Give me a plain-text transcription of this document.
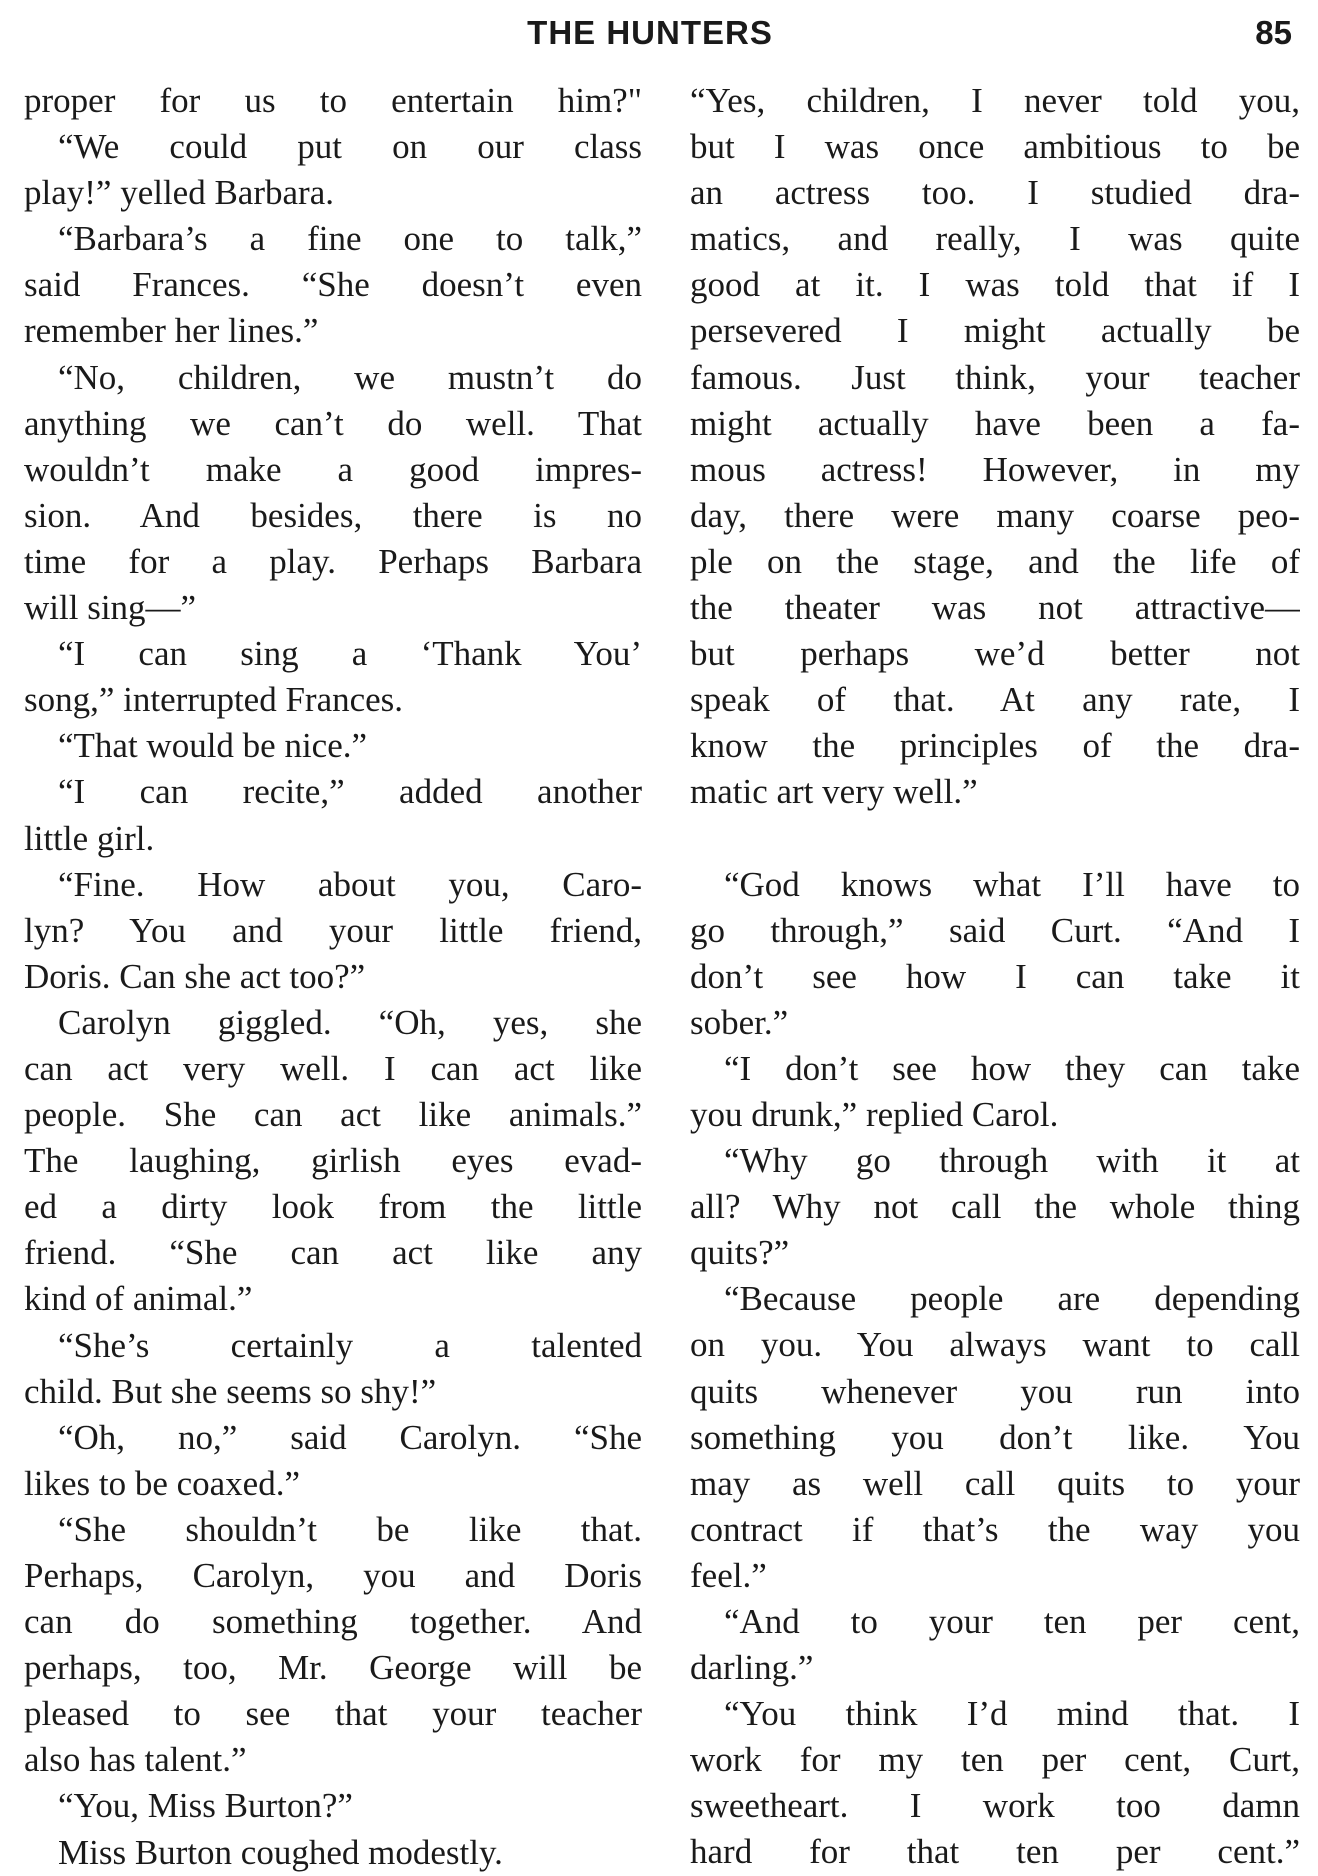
THE HUNTERS	85
proper for us to entertain him?"
“We could put on our class
play!” yelled Barbara.
“Barbara’s a fine one to talk,”
said Frances. “She doesn’t even
remember her lines.”
“No, children, we mustn’t do
anything we can’t do well. That
wouldn’t make a good impres-
sion. And besides, there is no
time for a play. Perhaps Barbara
will sing—”
“I can sing a ‘Thank You’
song,” interrupted Frances.
“That would be nice.”
“I can recite,” added another
little girl.
“Fine. How about you, Caro-
lyn? You and your little friend,
Doris. Can she act too?”
Carolyn giggled. “Oh, yes, she
can act very well. I can act like
people. She can act like animals.”
The laughing, girlish eyes evad-
ed a dirty look from the little
friend. “She can act like any
kind of animal.”
“She’s certainly a talented
child. But she seems so shy!”
“Oh, no,” said Carolyn. “She
likes to be coaxed.”
“She shouldn’t be like that.
Perhaps, Carolyn, you and Doris
can do something together. And
perhaps, too, Mr. George will be
pleased to see that your teacher
also has talent.”
“You, Miss Burton?”
Miss Burton coughed modestly.
“Yes, children, I never told you,
but I was once ambitious to be
an actress too. I studied dra-
matics, and really, I was quite
good at it. I was told that if I
persevered I might actually be
famous. Just think, your teacher
might actually have been a fa-
mous actress! However, in my
day, there were many coarse peo-
ple on the stage, and the life of
the theater was not attractive—
but perhaps we’d better not
speak of that. At any rate, I
know the principles of the dra-
matic art very well.”
“God knows what I’ll have to
go through,” said Curt. “And I
don’t see how I can take it
sober.”
“I don’t see how they can take
you drunk,” replied Carol.
“Why go through with it at
all? Why not call the whole thing
quits?”
“Because people are depending
on you. You always want to call
quits whenever you run into
something you don’t like. You
may as well call quits to your
contract if that’s the way you
feel.”
“And to your ten per cent,
darling.”
“You think I’d mind that. I
work for my ten per cent, Curt,
sweetheart. I work too damn
hard for that ten per cent.”
